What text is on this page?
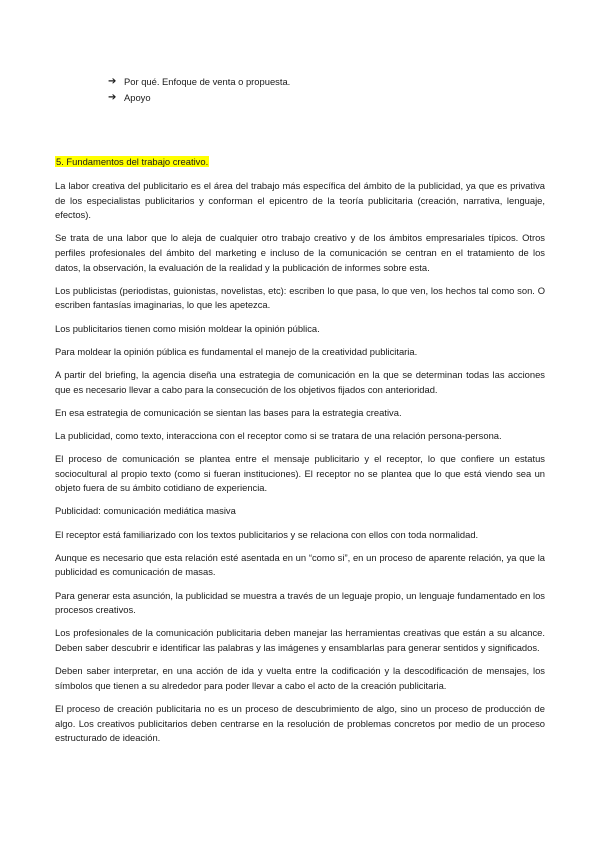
➔ Por qué. Enfoque de venta o propuesta.
➔ Apoyo
5. Fundamentos del trabajo creativo.

La labor creativa del publicitario es el área del trabajo más específica del ámbito de la publicidad, ya que es privativa de los especialistas publicitarios y conforman el epicentro de la teoría publicitaria (creación, narrativa, lenguaje, efectos).

Se trata de una labor que lo aleja de cualquier otro trabajo creativo y de los ámbitos empresariales típicos. Otros perfiles profesionales del ámbito del marketing e incluso de la comunicación se centran en el tratamiento de los datos, la observación, la evaluación de la realidad y la publicación de informes sobre esta.

Los publicistas (periodistas, guionistas, novelistas, etc): escriben lo que pasa, lo que ven, los hechos tal como son. O escriben fantasías imaginarias, lo que les apetezca.

Los publicitarios tienen como misión moldear la opinión pública.

Para moldear la opinión pública es fundamental el manejo de la creatividad publicitaria.

A partir del briefing, la agencia diseña una estrategia de comunicación en la que se determinan todas las acciones que es necesario llevar a cabo para la consecución de los objetivos fijados con anterioridad.

En esa estrategia de comunicación se sientan las bases para la estrategia creativa.

La publicidad, como texto, interacciona con el receptor como si se tratara de una relación persona-persona.

El proceso de comunicación se plantea entre el mensaje publicitario y el receptor, lo que confiere un estatus sociocultural al propio texto (como si fueran instituciones). El receptor no se plantea que lo que está viendo sea un objeto fuera de su ámbito cotidiano de experiencia.

Publicidad: comunicación mediática masiva

El receptor está familiarizado con los textos publicitarios y se relaciona con ellos con toda normalidad.

Aunque es necesario que esta relación esté asentada en un “como si”, en un proceso de aparente relación, ya que la publicidad es comunicación de masas.

Para generar esta asunción, la publicidad se muestra a través de un leguaje propio, un lenguaje fundamentado en los procesos creativos.

Los profesionales de la comunicación publicitaria deben manejar las herramientas creativas que están a su alcance. Deben saber descubrir e identificar las palabras y las imágenes y ensamblarlas para generar sentidos y significados.

Deben saber interpretar, en una acción de ida y vuelta entre la codificación y la descodificación de mensajes, los símbolos que tienen a su alrededor para poder llevar a cabo el acto de la creación publicitaria.

El proceso de creación publicitaria no es un proceso de descubrimiento de algo, sino un proceso de producción de algo. Los creativos publicitarios deben centrarse en la resolución de problemas concretos por medio de un proceso estructurado de ideación.
